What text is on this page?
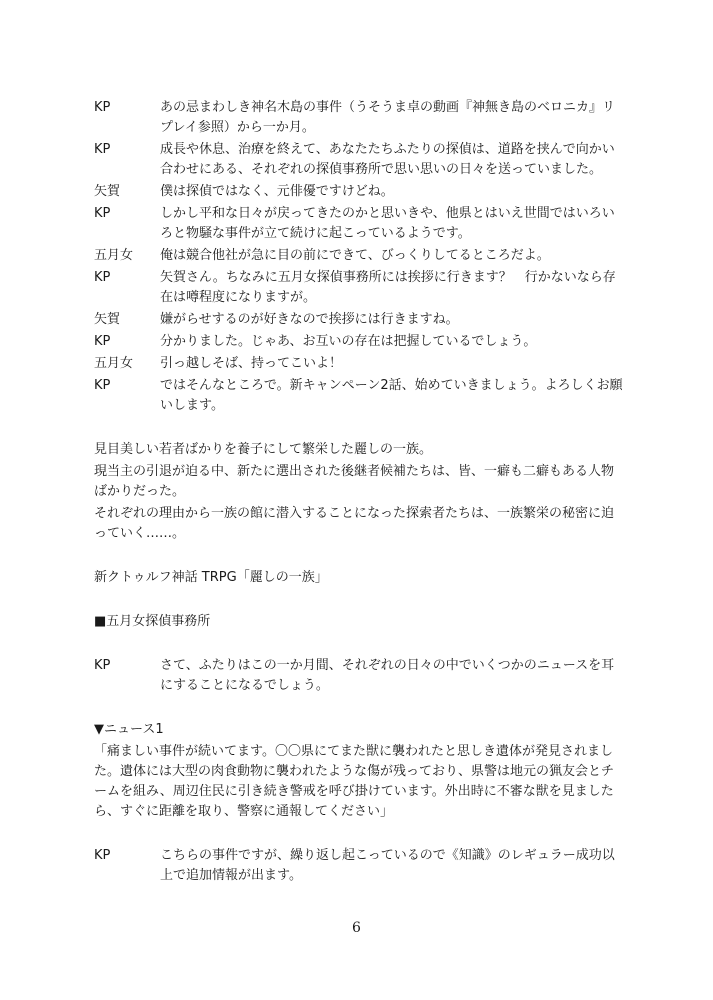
KP	あの忌まわしき神名木島の事件（うそうま卓の動画『神無き島のベロニカ』リプレイ参照）から一か月。
KP	成長や休息、治療を終えて、あなたたちふたりの探偵は、道路を挟んで向かい合わせにある、それぞれの探偵事務所で思い思いの日々を送っていました。
矢賀	僕は探偵ではなく、元俳優ですけどね。
KP	しかし平和な日々が戻ってきたのかと思いきや、他県とはいえ世間ではいろいろと物騒な事件が立て続けに起こっているようです。
五月女 俺は競合他社が急に目の前にできて、びっくりしてるところだよ。
KP	矢賀さん。ちなみに五月女探偵事務所には挨拶に行きます？　行かないなら存在は噂程度になりますが。
矢賀	嫌がらせするのが好きなので挨拶には行きますね。
KP	分かりました。じゃあ、お互いの存在は把握しているでしょう。
五月女 引っ越しそば、持ってこいよ！
KP	ではそんなところで。新キャンペーン2話、始めていきましょう。よろしくお願いします。
見目美しい若者ばかりを養子にして繁栄した麗しの一族。
現当主の引退が迫る中、新たに選出された後継者候補たちは、皆、一癖も二癖もある人物ばかりだった。
それぞれの理由から一族の館に潜入することになった探索者たちは、一族繁栄の秘密に迫っていく……。
新クトゥルフ神話 TRPG「麗しの一族」
■五月女探偵事務所
KP	さて、ふたりはこの一か月間、それぞれの日々の中でいくつかのニュースを耳にすることになるでしょう。
▼ニュース1
「痛ましい事件が続いてます。〇〇県にてまた獣に襲われたと思しき遺体が発見されました。遺体には大型の肉食動物に襲われたような傷が残っており、県警は地元の猟友会とチームを組み、周辺住民に引き続き警戒を呼び掛けています。外出時に不審な獣を見ましたら、すぐに距離を取り、警察に通報してください」
KP	こちらの事件ですが、繰り返し起こっているので《知識》のレギュラー成功以上で追加情報が出ます。
6
